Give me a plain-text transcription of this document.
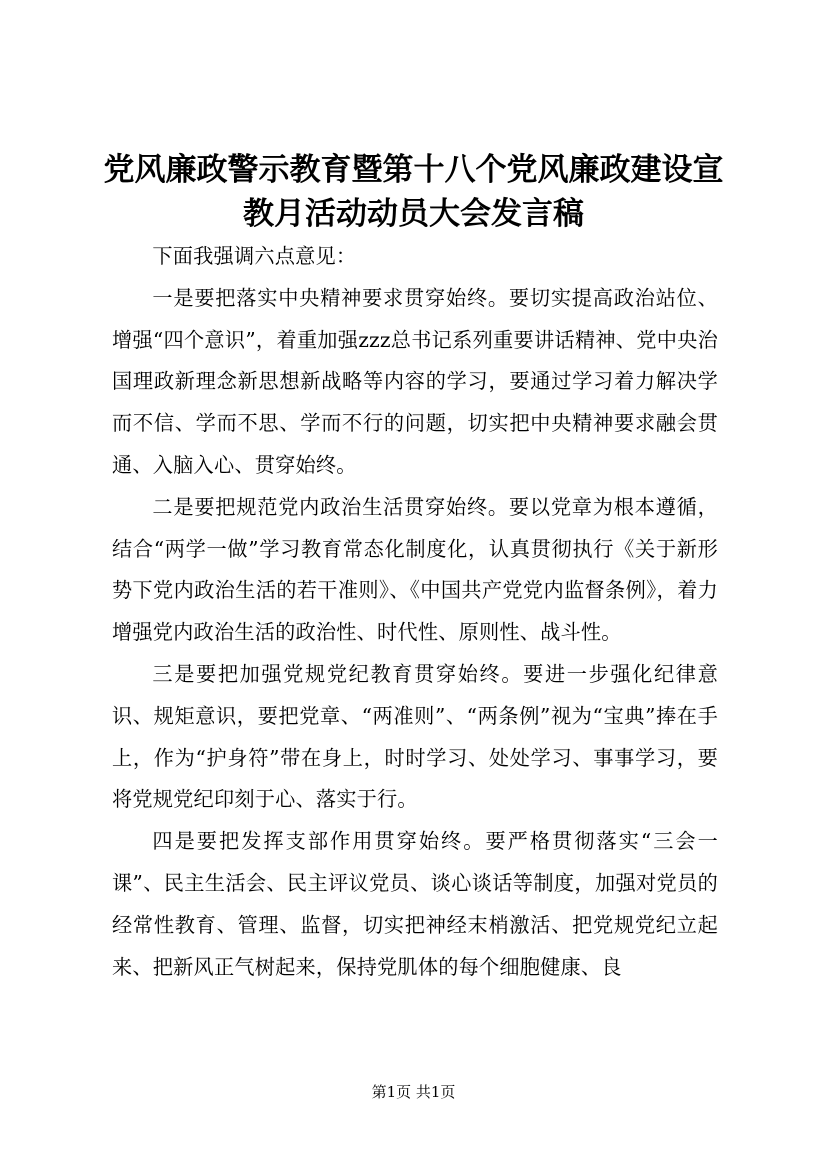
党风廉政警示教育暨第十八个党风廉政建设宣
教月活动动员大会发言稿

下面我强调六点意见：

一是要把落实中央精神要求贯穿始终。要切实提高政治站位、增强“四个意识”，着重加强zzz总书记系列重要讲话精神、党中央治国理政新理念新思想新战略等内容的学习，要通过学习着力解决学而不信、学而不思、学而不行的问题，切实把中央精神要求融会贯通、入脑入心、贯穿始终。

二是要把规范党内政治生活贯穿始终。要以党章为根本遵循，结合“两学一做”学习教育常态化制度化，认真贯彻执行《关于新形势下党内政治生活的若干准则》、《中国共产党党内监督条例》，着力增强党内政治生活的政治性、时代性、原则性、战斗性。

三是要把加强党规党纪教育贯穿始终。要进一步强化纪律意识、规矩意识，要把党章、“两准则”、“两条例”视为“宝典”捧在手上，作为“护身符”带在身上，时时学习、处处学习、事事学习，要将党规党纪印刻于心、落实于行。

四是要把发挥支部作用贯穿始终。要严格贯彻落实“三会一课”、民主生活会、民主评议党员、谈心谈话等制度，加强对党员的经常性教育、管理、监督，切实把神经末梢激活、把党规党纪立起来、把新风正气树起来，保持党肌体的每个细胞健康、良

第1页 共1页
